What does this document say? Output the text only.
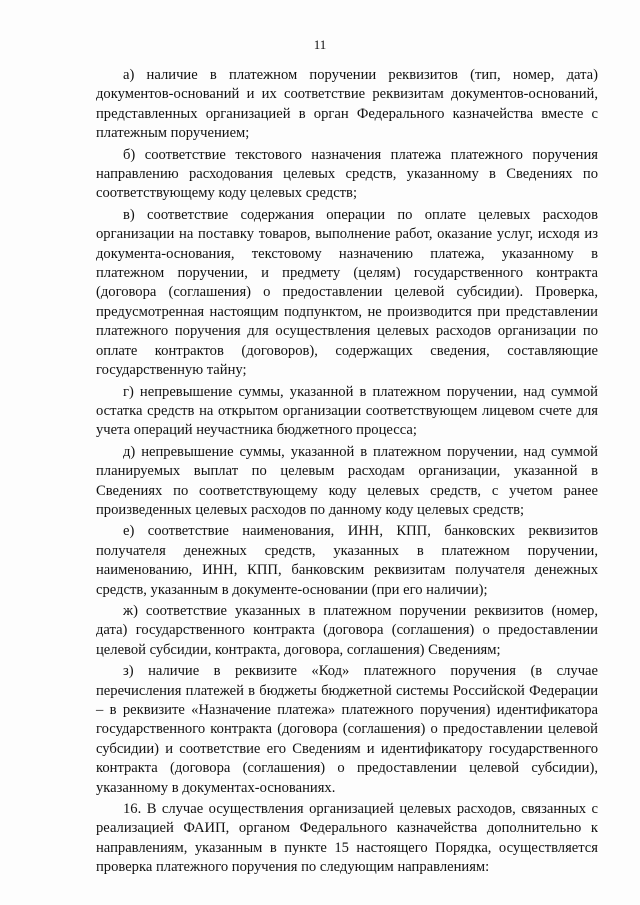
11

а) наличие в платежном поручении реквизитов (тип, номер, дата) документов-оснований и их соответствие реквизитам документов-оснований, представленных организацией в орган Федерального казначейства вместе с платежным поручением;

б) соответствие текстового назначения платежа платежного поручения направлению расходования целевых средств, указанному в Сведениях по соответствующему коду целевых средств;

в) соответствие содержания операции по оплате целевых расходов организации на поставку товаров, выполнение работ, оказание услуг, исходя из документа-основания, текстовому назначению платежа, указанному в платежном поручении, и предмету (целям) государственного контракта (договора (соглашения) о предоставлении целевой субсидии). Проверка, предусмотренная настоящим подпунктом, не производится при представлении платежного поручения для осуществления целевых расходов организации по оплате контрактов (договоров), содержащих сведения, составляющие государственную тайну;

г) непревышение суммы, указанной в платежном поручении, над суммой остатка средств на открытом организации соответствующем лицевом счете для учета операций неучастника бюджетного процесса;

д) непревышение суммы, указанной в платежном поручении, над суммой планируемых выплат по целевым расходам организации, указанной в Сведениях по соответствующему коду целевых средств, с учетом ранее произведенных целевых расходов по данному коду целевых средств;

е) соответствие наименования, ИНН, КПП, банковских реквизитов получателя денежных средств, указанных в платежном поручении, наименованию, ИНН, КПП, банковским реквизитам получателя денежных средств, указанным в документе-основании (при его наличии);

ж) соответствие указанных в платежном поручении реквизитов (номер, дата) государственного контракта (договора (соглашения) о предоставлении целевой субсидии, контракта, договора, соглашения) Сведениям;

з) наличие в реквизите «Код» платежного поручения (в случае перечисления платежей в бюджеты бюджетной системы Российской Федерации – в реквизите «Назначение платежа» платежного поручения) идентификатора государственного контракта (договора (соглашения) о предоставлении целевой субсидии) и соответствие его Сведениям и идентификатору государственного контракта (договора (соглашения) о предоставлении целевой субсидии), указанному в документах-основаниях.

16. В случае осуществления организацией целевых расходов, связанных с реализацией ФАИП, органом Федерального казначейства дополнительно к направлениям, указанным в пункте 15 настоящего Порядка, осуществляется проверка платежного поручения по следующим направлениям:
